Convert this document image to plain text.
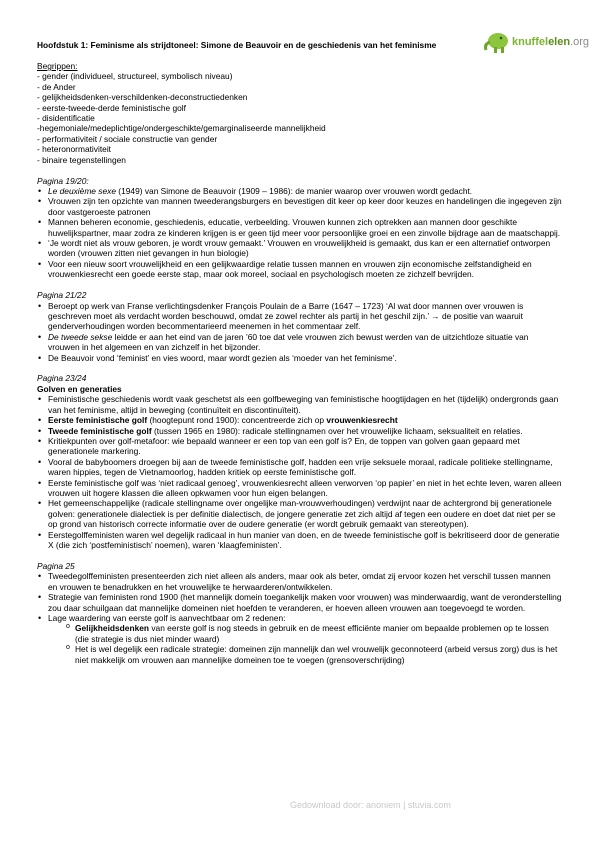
Hoofdstuk 1: Feminisme als strijdtoneel: Simone de Beauvoir en de geschiedenis van het feminisme	knuffelelen.org
Begrippen:
- gender (individueel, structureel, symbolisch niveau)
- de Ander
- gelijkheidsdenken-verschildenken-deconstructiedenken
- eerste-tweede-derde feministische golf
- disidentificatie
-hegemoniale/medeplichtige/ondergeschikte/gemarginaliseerde mannelijkheid
- performativiteit / sociale constructie van gender
- heteronormativiteit
- binaire tegenstellingen
Pagina 19/20:
• Le deuxième sexe (1949) van Simone de Beauvoir (1909 – 1986): de manier waarop over vrouwen wordt gedacht.
• Vrouwen zijn ten opzichte van mannen tweederangsburgers en bevestigen dit keer op keer door keuzes en handelingen die ingegeven zijn door vastgeroeste patronen
• Mannen beheren economie, geschiedenis, educatie, verbeelding. Vrouwen kunnen zich optrekken aan mannen door geschikte huwelijkspartner, maar zodra ze kinderen krijgen is er geen tijd meer voor persoonlijke groei en een zinvolle bijdrage aan de maatschappij.
• ‘Je wordt niet als vrouw geboren, je wordt vrouw gemaakt.’ Vrouwen en vrouwelijkheid is gemaakt, dus kan er een alternatief ontworpen worden (vrouwen zitten niet gevangen in hun biologie)
• Voor een nieuw soort vrouwelijkheid en een gelijkwaardige relatie tussen mannen en vrouwen zijn economische zelfstandigheid en vrouwenkiesrecht een goede eerste stap, maar ook moreel, sociaal en psychologisch moeten ze zichzelf bevrijden.
Pagina 21/22
• Beroept op werk van Franse verlichtingsdenker François Poulain de a Barre (1647 – 1723) ‘Al wat door mannen over vrouwen is geschreven moet als verdacht worden beschouwd, omdat ze zowel rechter als partij in het geschil zijn.’ → de positie van waaruit genderverhoudingen worden becommentarieerd meenemen in het commentaar zelf.
• De tweede sekse leidde er aan het eind van de jaren ’60 toe dat vele vrouwen zich bewust werden van de uitzichtloze situatie van vrouwen in het algemeen en van zichzelf in het bijzonder.
• De Beauvoir vond ‘feminist’ en vies woord, maar wordt gezien als ‘moeder van het feminisme’.
Pagina 23/24
Golven en generaties
• Feministische geschiedenis wordt vaak geschetst als een golfbeweging van feministische hoogtijdagen en het (tijdelijk) ondergronds gaan van het feminisme, altijd in beweging (continuïteit en discontinuïteit).
• Eerste feministische golf (hoogtepunt rond 1900): concentreerde zich op vrouwenkiesrecht
• Tweede feministische golf (tussen 1965 en 1980): radicale stellingnamen over het vrouwelijke lichaam, seksualiteit en relaties.
• Kritiekpunten over golf-metafoor: wie bepaald wanneer er een top van een golf is? En, de toppen van golven gaan gepaard met generationele markering.
• Vooral de babyboomers droegen bij aan de tweede feministische golf, hadden een vrije seksuele moraal, radicale politieke stellingname, waren hippies, tegen de Vietnamoorlog, hadden kritiek op eerste feministische golf.
• Eerste feministische golf was ‘niet radicaal genoeg’, vrouwenkiesrecht alleen verworven ‘op papier’ en niet in het echte leven, waren alleen vrouwen uit hogere klassen die alleen opkwamen voor hun eigen belangen.
• Het gemeenschappelijke (radicale stellingname over ongelijke man-vrouwverhoudingen) verdwijnt naar de achtergrond bij generationele golven: generationele dialectiek is per definitie dialectisch, de jongere generatie zet zich altijd af tegen een oudere en doet dat niet per se op grond van historisch correcte informatie over de oudere generatie (er wordt gebruik gemaakt van stereotypen).
• Eerstegolffeministen waren wel degelijk radicaal in hun manier van doen, en de tweede feministische golf is bekritiseerd door de generatie X (die zich ‘postfeministisch’ noemen), waren ‘klaagfeministen’.
Pagina 25
• Tweedegolffeministen presenteerden zich niet alleen als anders, maar ook als beter, omdat zij ervoor kozen het verschil tussen mannen en vrouwen te benadrukken en het vrouwelijke te herwaarderen/ontwikkelen.
• Strategie van feministen rond 1900 (het mannelijk domein toegankelijk maken voor vrouwen) was minderwaardig, want de veronderstelling zou daar schuilgaan dat mannelijke domeinen niet hoefden te veranderen, er hoeven alleen vrouwen aan toegevoegd te worden.
• Lage waardering van eerste golf is aanvechtbaar om 2 redenen:
o Gelijkheidsdenken van eerste golf is nog steeds in gebruik en de meest efficiënte manier om bepaalde problemen op te lossen (die strategie is dus niet minder waard)
o Het is wel degelijk een radicale strategie: domeinen zijn mannelijk dan wel vrouwelijk geconnoteerd (arbeid versus zorg) dus is het niet makkelijk om vrouwen aan mannelijke domeinen toe te voegen (grensoverschrijding)
Gedownload door: anoniem | stuvia.com
